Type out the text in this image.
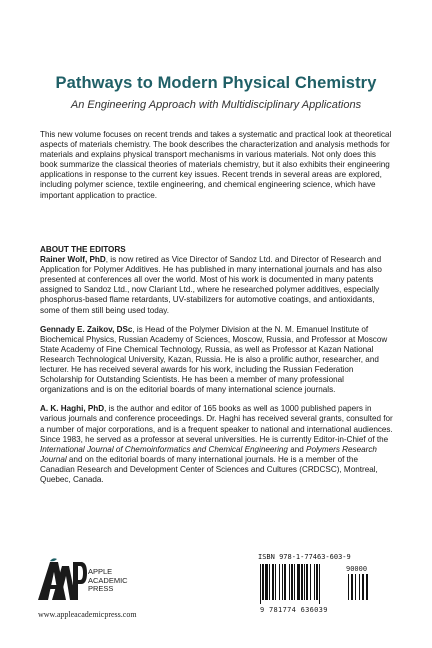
Pathways to Modern Physical Chemistry
An Engineering Approach with Multidisciplinary Applications

This new volume focuses on recent trends and takes a systematic and practical look at theoretical aspects of materials chemistry. The book describes the characterization and analysis methods for materials and explains physical transport mechanisms in various materials. Not only does this book summarize the classical theories of materials chemistry, but it also exhibits their engineering applications in response to the current key issues. Recent trends in several areas are explored, including polymer science, textile engineering, and chemical engineering science, which have important application to practice.

ABOUT THE EDITORS

Rainer Wolf, PhD, is now retired as Vice Director of Sandoz Ltd. and Director of Research and Application for Polymer Additives. He has published in many international journals and has also presented at conferences all over the world. Most of his work is documented in many patents assigned to Sandoz Ltd., now Clariant Ltd., where he researched polymer additives, especially phosphorus-based flame retardants, UV-stabilizers for automotive coatings, and antioxidants, some of them still being used today.

Gennady E. Zaikov, DSc, is Head of the Polymer Division at the N. M. Emanuel Institute of Biochemical Physics, Russian Academy of Sciences, Moscow, Russia, and Professor at Moscow State Academy of Fine Chemical Technology, Russia, as well as Professor at Kazan National Research Technological University, Kazan, Russia. He is also a prolific author, researcher, and lecturer. He has received several awards for his work, including the Russian Federation Scholarship for Outstanding Scientists. He has been a member of many professional organizations and is on the editorial boards of many international science journals.

A. K. Haghi, PhD, is the author and editor of 165 books as well as 1000 published papers in various journals and conference proceedings. Dr. Haghi has received several grants, consulted for a number of major corporations, and is a frequent speaker to national and international audiences. Since 1983, he served as a professor at several universities. He is currently Editor-in-Chief of the International Journal of Chemoinformatics and Chemical Engineering and Polymers Research Journal and on the editorial boards of many international journals. He is a member of the Canadian Research and Development Center of Sciences and Cultures (CRDCSC), Montreal, Quebec, Canada.

APPLE
ACADEMIC
PRESS
www.appleacademicpress.com
ISBN 978-1-77463-603-9
90000
9 781774 636039
